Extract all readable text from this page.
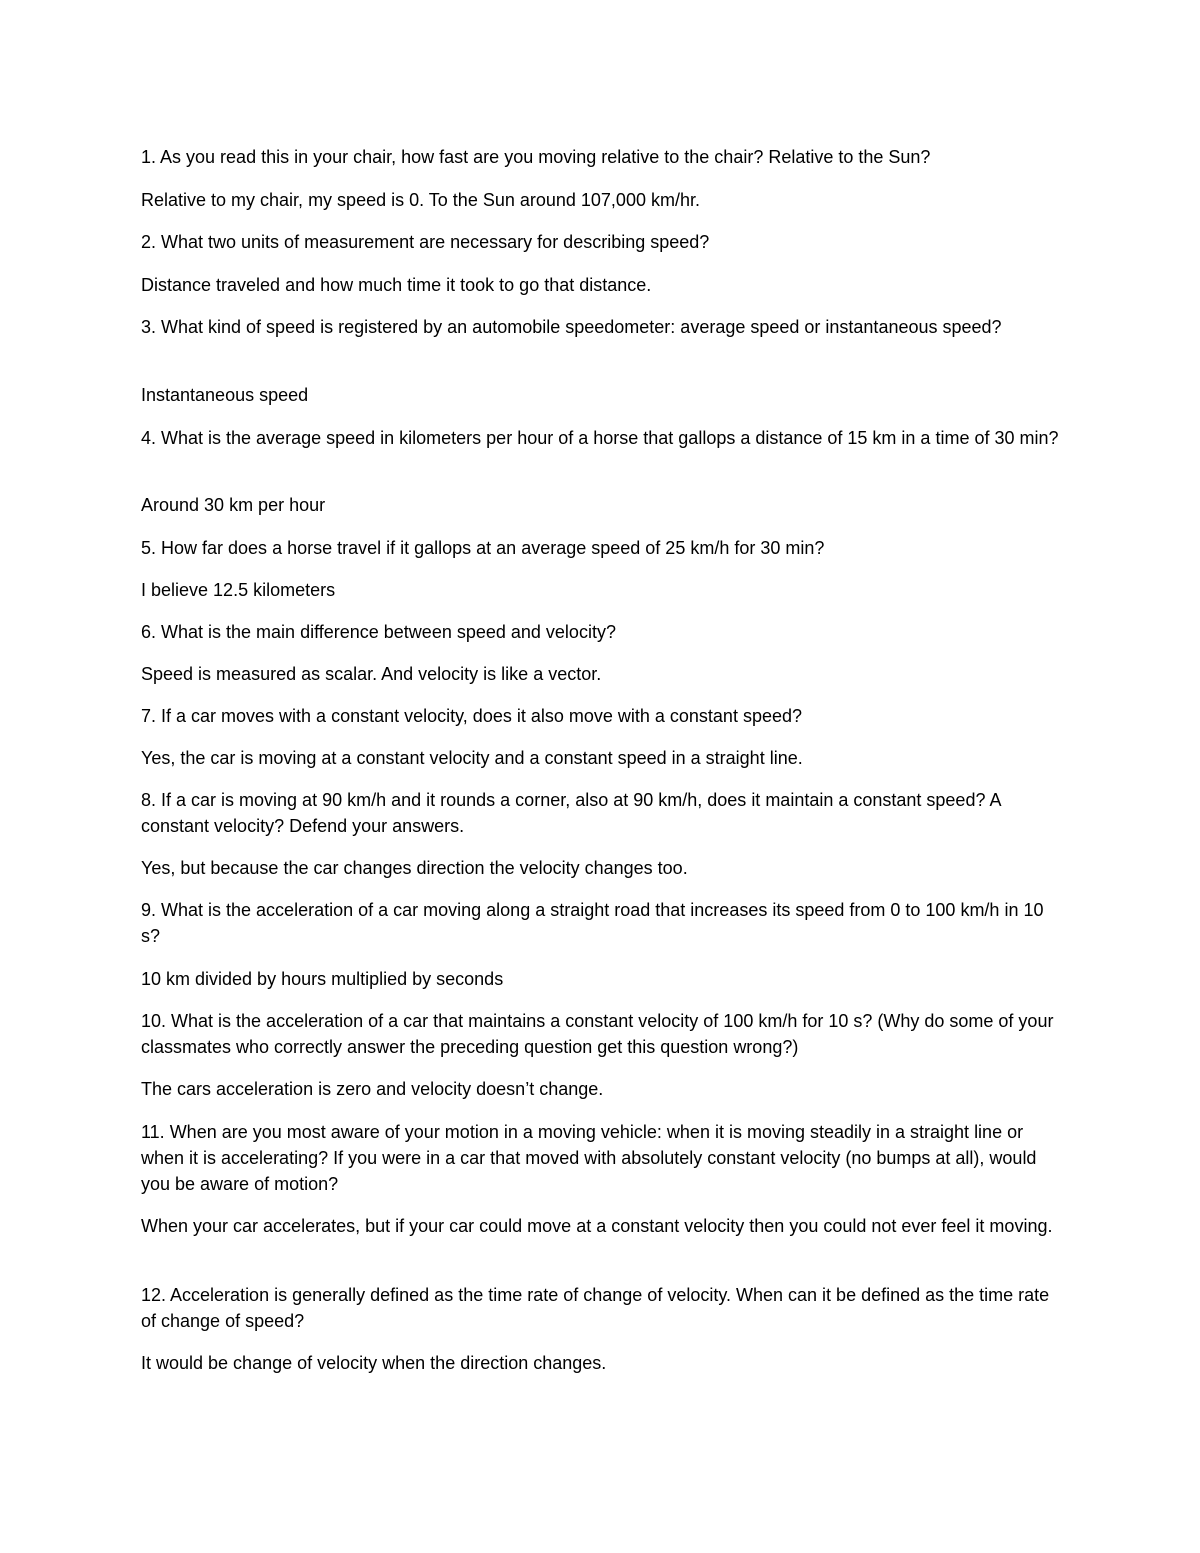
1. As you read this in your chair, how fast are you moving relative to the chair? Relative to the Sun?

Relative to my chair, my speed is 0. To the Sun around 107,000 km/hr.

2. What two units of measurement are necessary for describing speed?

Distance traveled and how much time it took to go that distance.

3. What kind of speed is registered by an automobile speedometer: average speed or instantaneous speed?

Instantaneous speed

4. What is the average speed in kilometers per hour of a horse that gallops a distance of 15 km in a time of 30 min?

Around 30 km per hour

5. How far does a horse travel if it gallops at an average speed of 25 km/h for 30 min?

I believe 12.5 kilometers

6. What is the main difference between speed and velocity?

Speed is measured as scalar. And velocity is like a vector.

7. If a car moves with a constant velocity, does it also move with a constant speed?

Yes, the car is moving at a constant velocity and a constant speed in a straight line.

8. If a car is moving at 90 km/h and it rounds a corner, also at 90 km/h, does it maintain a constant speed? A constant velocity? Defend your answers.

Yes, but because the car changes direction the velocity changes too.

9. What is the acceleration of a car moving along a straight road that increases its speed from 0 to 100 km/h in 10 s?

10 km divided by hours multiplied by seconds

10. What is the acceleration of a car that maintains a constant velocity of 100 km/h for 10 s? (Why do some of your classmates who correctly answer the preceding question get this question wrong?)

The cars acceleration is zero and velocity doesn’t change.

11. When are you most aware of your motion in a moving vehicle: when it is moving steadily in a straight line or when it is accelerating? If you were in a car that moved with absolutely constant velocity (no bumps at all), would you be aware of motion?

When your car accelerates, but if your car could move at a constant velocity then you could not ever feel it moving.

12. Acceleration is generally defined as the time rate of change of velocity. When can it be defined as the time rate of change of speed?

It would be change of velocity when the direction changes.
